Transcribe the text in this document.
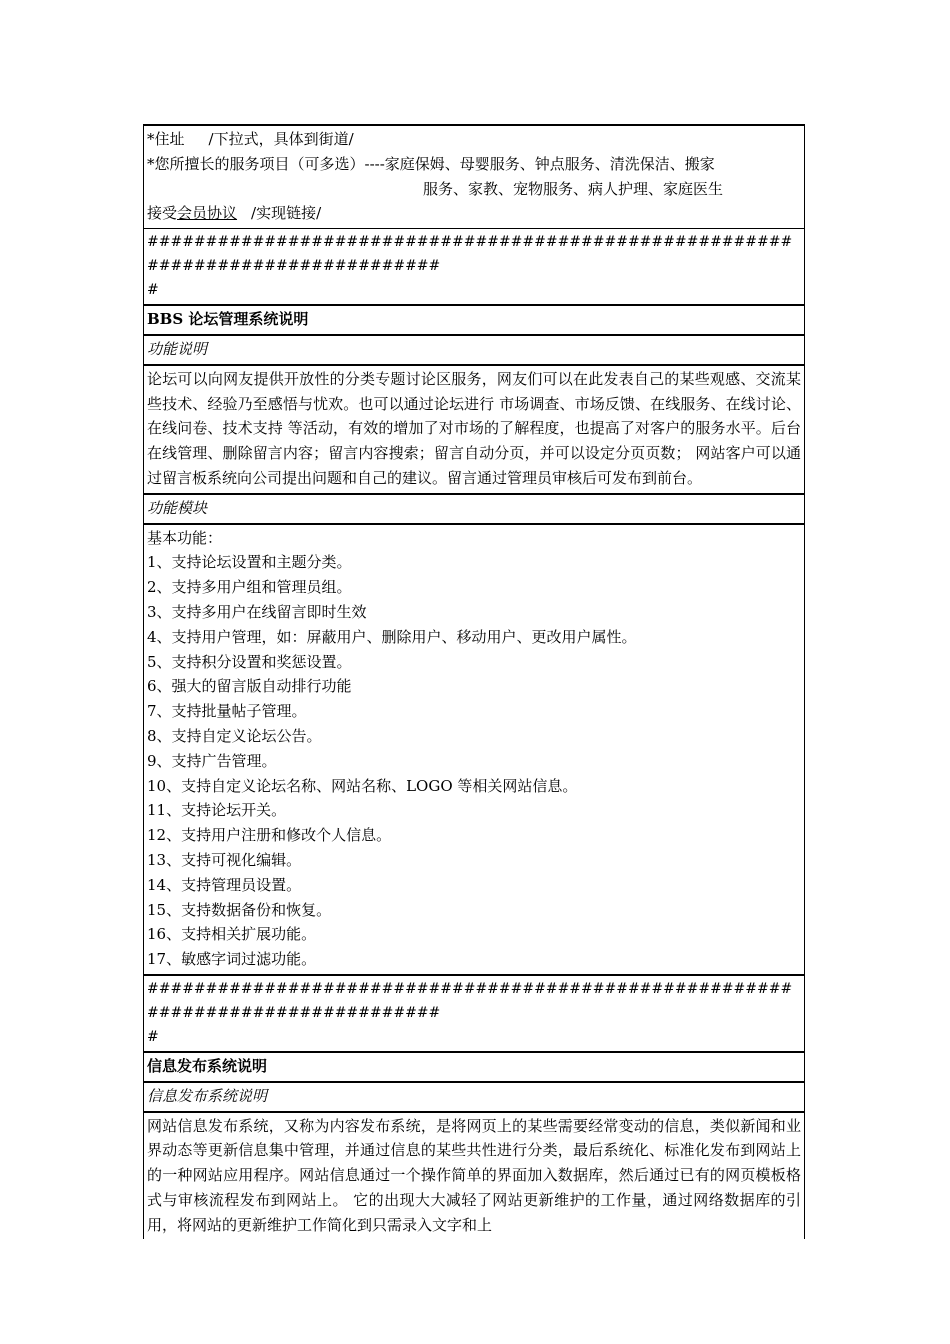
*住址 /下拉式，具体到街道/
*您所擅长的服务项目（可多选）----家庭保姆、母婴服务、钟点服务、清洗保洁、搬家
服务、家教、宠物服务、病人护理、家庭医生
接受会员协议 /实现链接/
################################################################################
#
BBS 论坛管理系统说明
功能说明
论坛可以向网友提供开放性的分类专题讨论区服务，网友们可以在此发表自己的某些观感、交流某些技术、经验乃至感悟与忧欢。也可以通过论坛进行 市场调查、市场反馈、在线服务、在线讨论、在线问卷、技术支持 等活动，有效的增加了对市场的了解程度，也提高了对客户的服务水平。后台在线管理、删除留言内容；留言内容搜索；留言自动分页，并可以设定分页页数； 网站客户可以通过留言板系统向公司提出问题和自己的建议。留言通过管理员审核后可发布到前台。
功能模块
基本功能：
1、支持论坛设置和主题分类。
2、支持多用户组和管理员组。
3、支持多用户在线留言即时生效
4、支持用户管理，如：屏蔽用户、删除用户、移动用户、更改用户属性。
5、支持积分设置和奖惩设置。
6、强大的留言版自动排行功能
7、支持批量帖子管理。
8、支持自定义论坛公告。
9、支持广告管理。
10、支持自定义论坛名称、网站名称、LOGO 等相关网站信息。
11、支持论坛开关。
12、支持用户注册和修改个人信息。
13、支持可视化编辑。
14、支持管理员设置。
15、支持数据备份和恢复。
16、支持相关扩展功能。
17、敏感字词过滤功能。
################################################################################
#
信息发布系统说明
信息发布系统说明
网站信息发布系统，又称为内容发布系统，是将网页上的某些需要经常变动的信息，类似新闻和业界动态等更新信息集中管理，并通过信息的某些共性进行分类，最后系统化、标准化发布到网站上的一种网站应用程序。网站信息通过一个操作简单的界面加入数据库，然后通过已有的网页模板格式与审核流程发布到网站上。 它的出现大大减轻了网站更新维护的工作量，通过网络数据库的引用，将网站的更新维护工作简化到只需录入文字和上
